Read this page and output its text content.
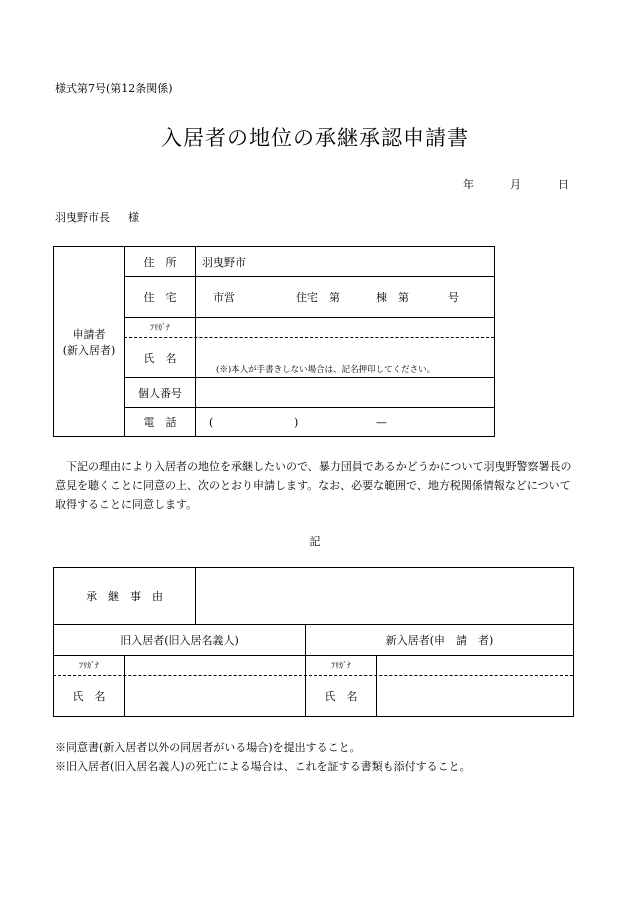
様式第7号(第12条関係)
入居者の地位の承継承認申請書
年	月	日
羽曳野市長 様
申請者
(新入居者)
住　所	羽曳野市
住　宅	市営	住宅　第	棟　第	号
ﾌﾘｶﾞﾅ
氏　名
(※)本人が手書きしない場合は、記名押印してください。
個人番号
電　話	(	)	—
下記の理由により入居者の地位を承継したいので、暴力団員であるかどうかについて羽曳野警察署長の意見を聴くことに同意の上、次のとおり申請します。なお、必要な範囲で、地方税関係情報などについて取得することに同意します。
記
承　継　事　由
旧入居者(旧入居名義人)	新入居者(申　請　者)
ﾌﾘｶﾞﾅ	ﾌﾘｶﾞﾅ
氏　名	氏　名
※同意書(新入居者以外の同居者がいる場合)を提出すること。
※旧入居者(旧入居名義人)の死亡による場合は、これを証する書類も添付すること。
